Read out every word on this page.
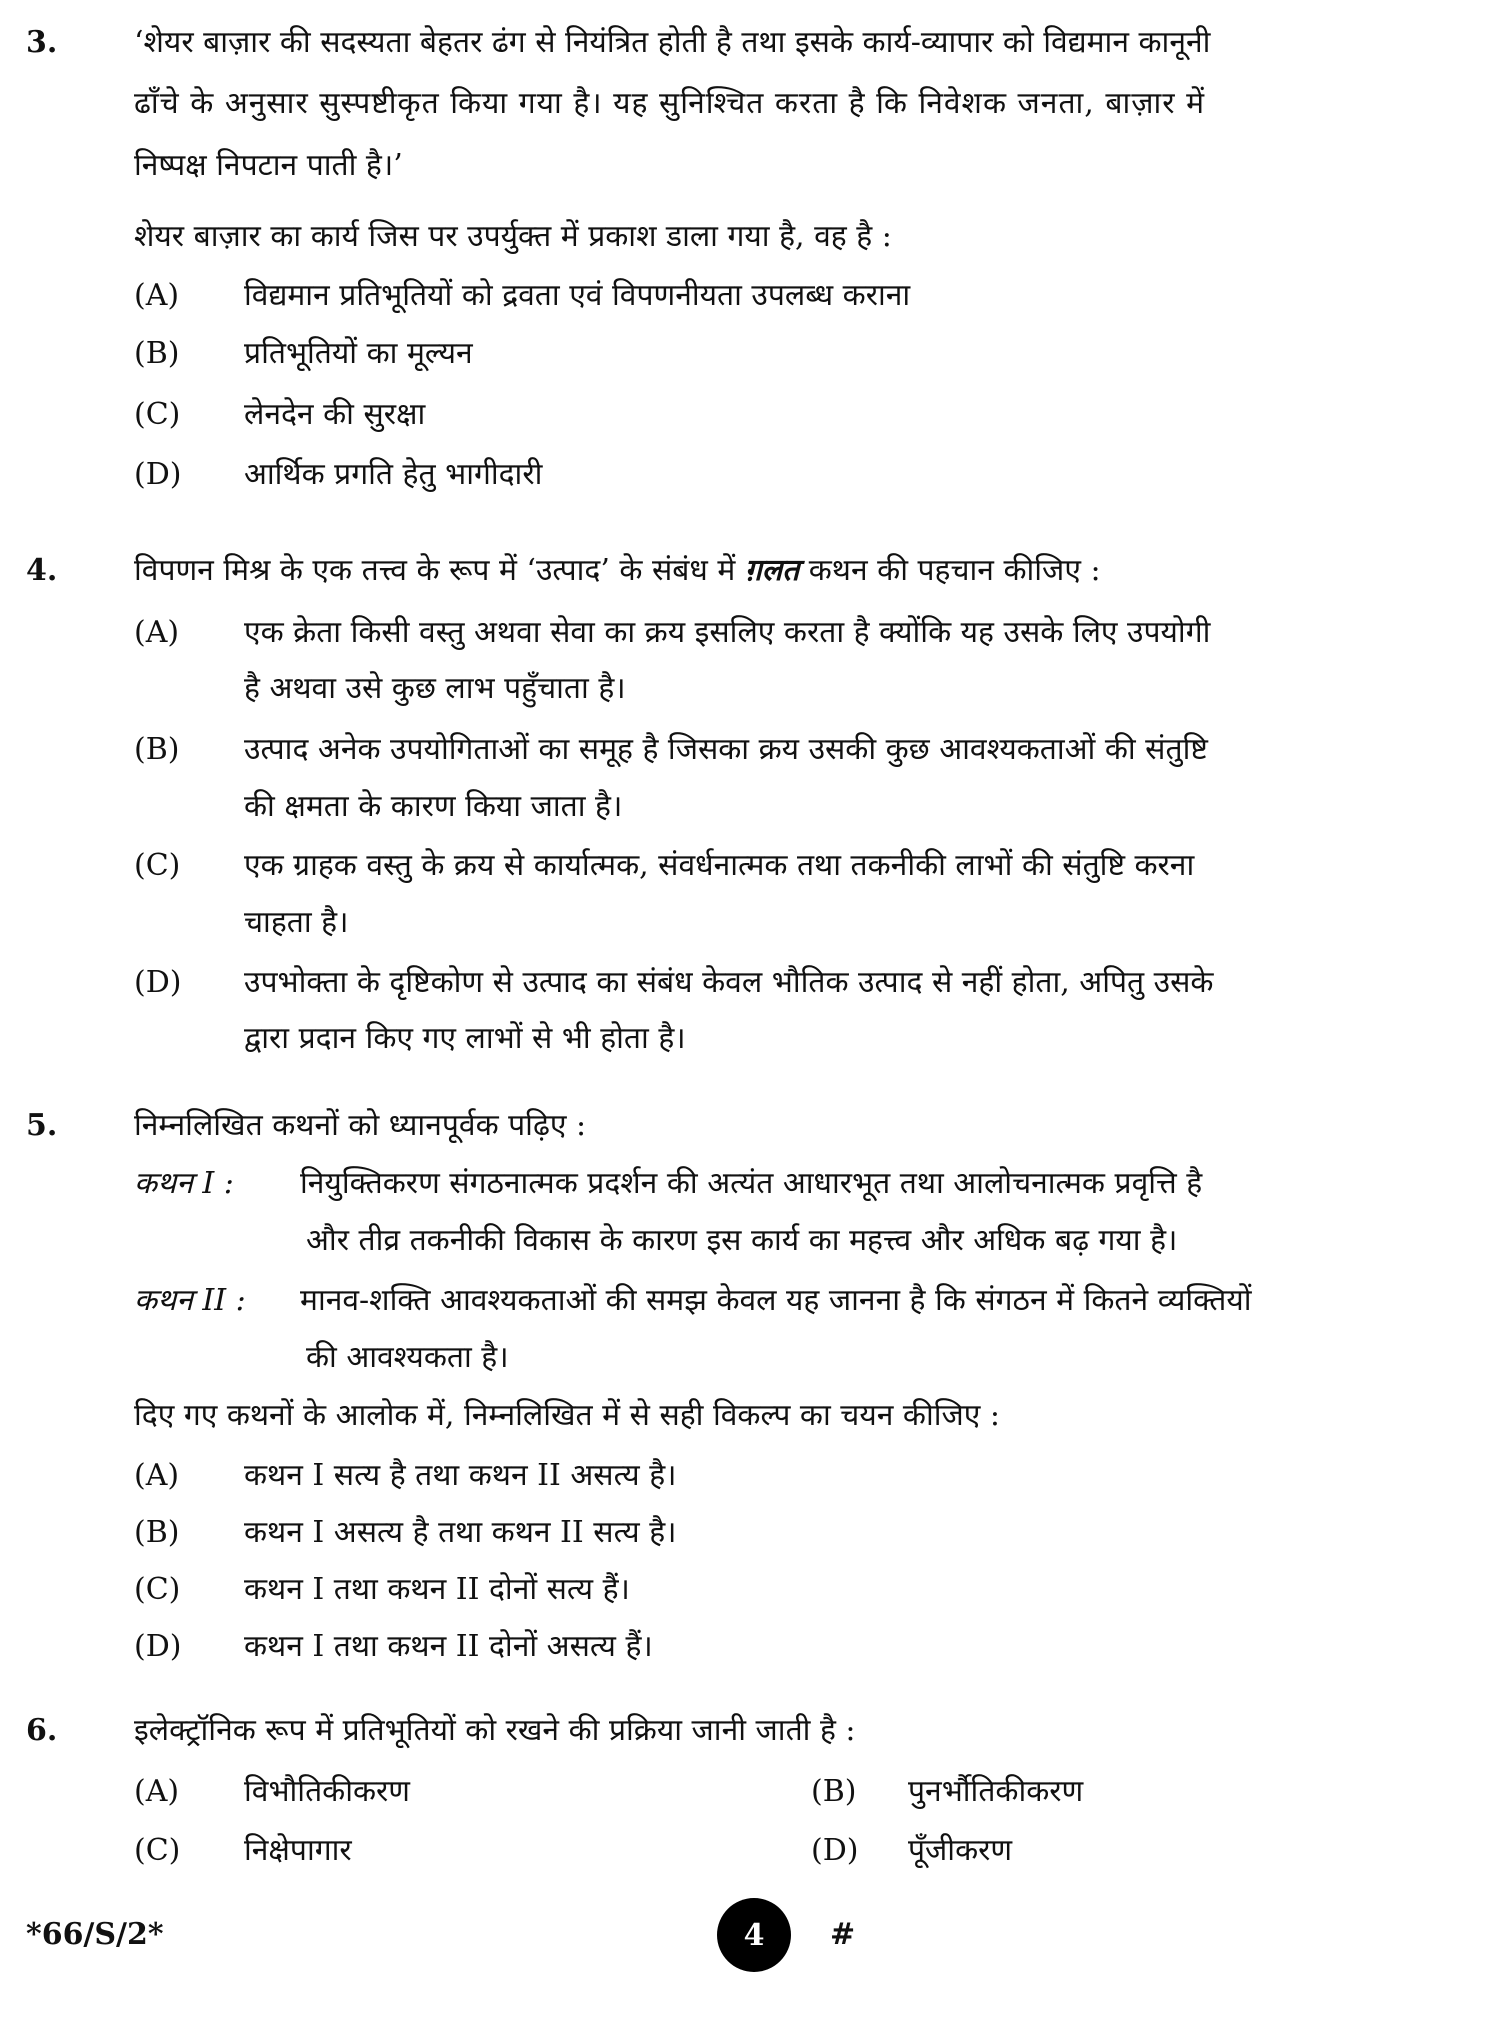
3.	‘शेयर बाज़ार की सदस्यता बेहतर ढंग से नियंत्रित होती है तथा इसके कार्य-व्यापार को विद्यमान कानूनी
ढाँचे के अनुसार सुस्पष्टीकृत किया गया है। यह सुनिश्चित करता है कि निवेशक जनता, बाज़ार में
निष्पक्ष निपटान पाती है।’
शेयर बाज़ार का कार्य जिस पर उपर्युक्त में प्रकाश डाला गया है, वह है :
(A) विद्यमान प्रतिभूतियों को द्रवता एवं विपणनीयता उपलब्ध कराना
(B) प्रतिभूतियों का मूल्यन
(C) लेनदेन की सुरक्षा
(D) आर्थिक प्रगति हेतु भागीदारी
4.	विपणन मिश्र के एक तत्त्व के रूप में ‘उत्पाद’ के संबंध में ग़लत कथन की पहचान कीजिए :
(A) एक क्रेता किसी वस्तु अथवा सेवा का क्रय इसलिए करता है क्योंकि यह उसके लिए उपयोगी
है अथवा उसे कुछ लाभ पहुँचाता है।
(B) उत्पाद अनेक उपयोगिताओं का समूह है जिसका क्रय उसकी कुछ आवश्यकताओं की संतुष्टि
की क्षमता के कारण किया जाता है।
(C) एक ग्राहक वस्तु के क्रय से कार्यात्मक, संवर्धनात्मक तथा तकनीकी लाभों की संतुष्टि करना
चाहता है।
(D) उपभोक्ता के दृष्टिकोण से उत्पाद का संबंध केवल भौतिक उत्पाद से नहीं होता, अपितु उसके
द्वारा प्रदान किए गए लाभों से भी होता है।
5.	निम्नलिखित कथनों को ध्यानपूर्वक पढ़िए :
कथन I : नियुक्तिकरण संगठनात्मक प्रदर्शन की अत्यंत आधारभूत तथा आलोचनात्मक प्रवृत्ति है
और तीव्र तकनीकी विकास के कारण इस कार्य का महत्त्व और अधिक बढ़ गया है।
कथन II : मानव-शक्ति आवश्यकताओं की समझ केवल यह जानना है कि संगठन में कितने व्यक्तियों
की आवश्यकता है।
दिए गए कथनों के आलोक में, निम्नलिखित में से सही विकल्प का चयन कीजिए :
(A) कथन I सत्य है तथा कथन II असत्य है।
(B) कथन I असत्य है तथा कथन II सत्य है।
(C) कथन I तथा कथन II दोनों सत्य हैं।
(D) कथन I तथा कथन II दोनों असत्य हैं।
6.	इलेक्ट्रॉनिक रूप में प्रतिभूतियों को रखने की प्रक्रिया जानी जाती है :
(A) विभौतिकीकरण	(B) पुनर्भौतिकीकरण
(C) निक्षेपागार	(D) पूँजीकरण
*66/S/2*	4 #
